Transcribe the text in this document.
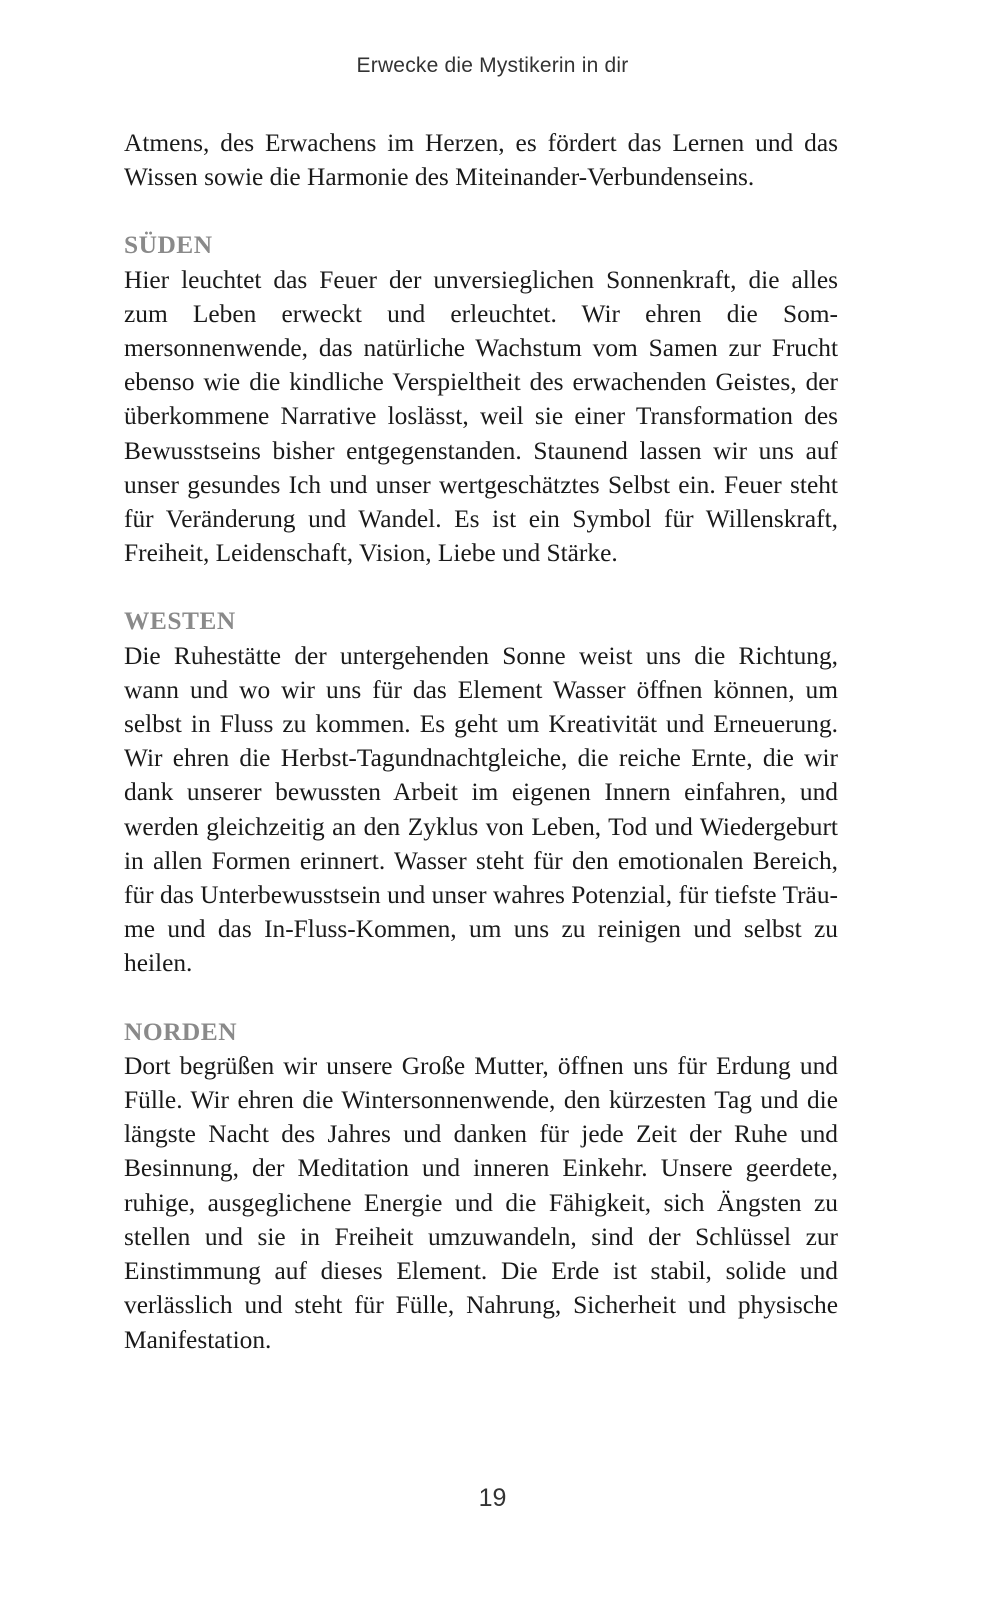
Erwecke die Mystikerin in dir

Atmens, des Erwachens im Herzen, es fördert das Lernen und das Wissen sowie die Harmonie des Miteinander-Verbundenseins.

SÜDEN

Hier leuchtet das Feuer der unversieglichen Sonnenkraft, die alles zum Leben erweckt und erleuchtet. Wir ehren die Sommersonnenwende, das natürliche Wachstum vom Samen zur Frucht ebenso wie die kindliche Verspieltheit des erwachenden Geistes, der überkommene Narrative loslässt, weil sie einer Transformation des Bewusstseins bisher entgegenstanden. Staunend lassen wir uns auf unser gesundes Ich und unser wertgeschätztes Selbst ein. Feuer steht für Veränderung und Wandel. Es ist ein Symbol für Willenskraft, Freiheit, Leidenschaft, Vision, Liebe und Stärke.

WESTEN

Die Ruhestätte der untergehenden Sonne weist uns die Richtung, wann und wo wir uns für das Element Wasser öffnen können, um selbst in Fluss zu kommen. Es geht um Kreativität und Erneuerung. Wir ehren die Herbst-Tagundnachtgleiche, die reiche Ernte, die wir dank unserer bewussten Arbeit im eigenen Innern einfahren, und werden gleichzeitig an den Zyklus von Leben, Tod und Wiedergeburt in allen Formen erinnert. Wasser steht für den emotionalen Bereich, für das Unterbewusstsein und unser wahres Potenzial, für tiefste Träume und das In-Fluss-Kommen, um uns zu reinigen und selbst zu heilen.

NORDEN

Dort begrüßen wir unsere Große Mutter, öffnen uns für Erdung und Fülle. Wir ehren die Wintersonnenwende, den kürzesten Tag und die längste Nacht des Jahres und danken für jede Zeit der Ruhe und Besinnung, der Meditation und inneren Einkehr. Unsere geerdete, ruhige, ausgeglichene Energie und die Fähigkeit, sich Ängsten zu stellen und sie in Freiheit umzuwandeln, sind der Schlüssel zur Einstimmung auf dieses Element. Die Erde ist stabil, solide und verlässlich und steht für Fülle, Nahrung, Sicherheit und physische Manifestation.

19
